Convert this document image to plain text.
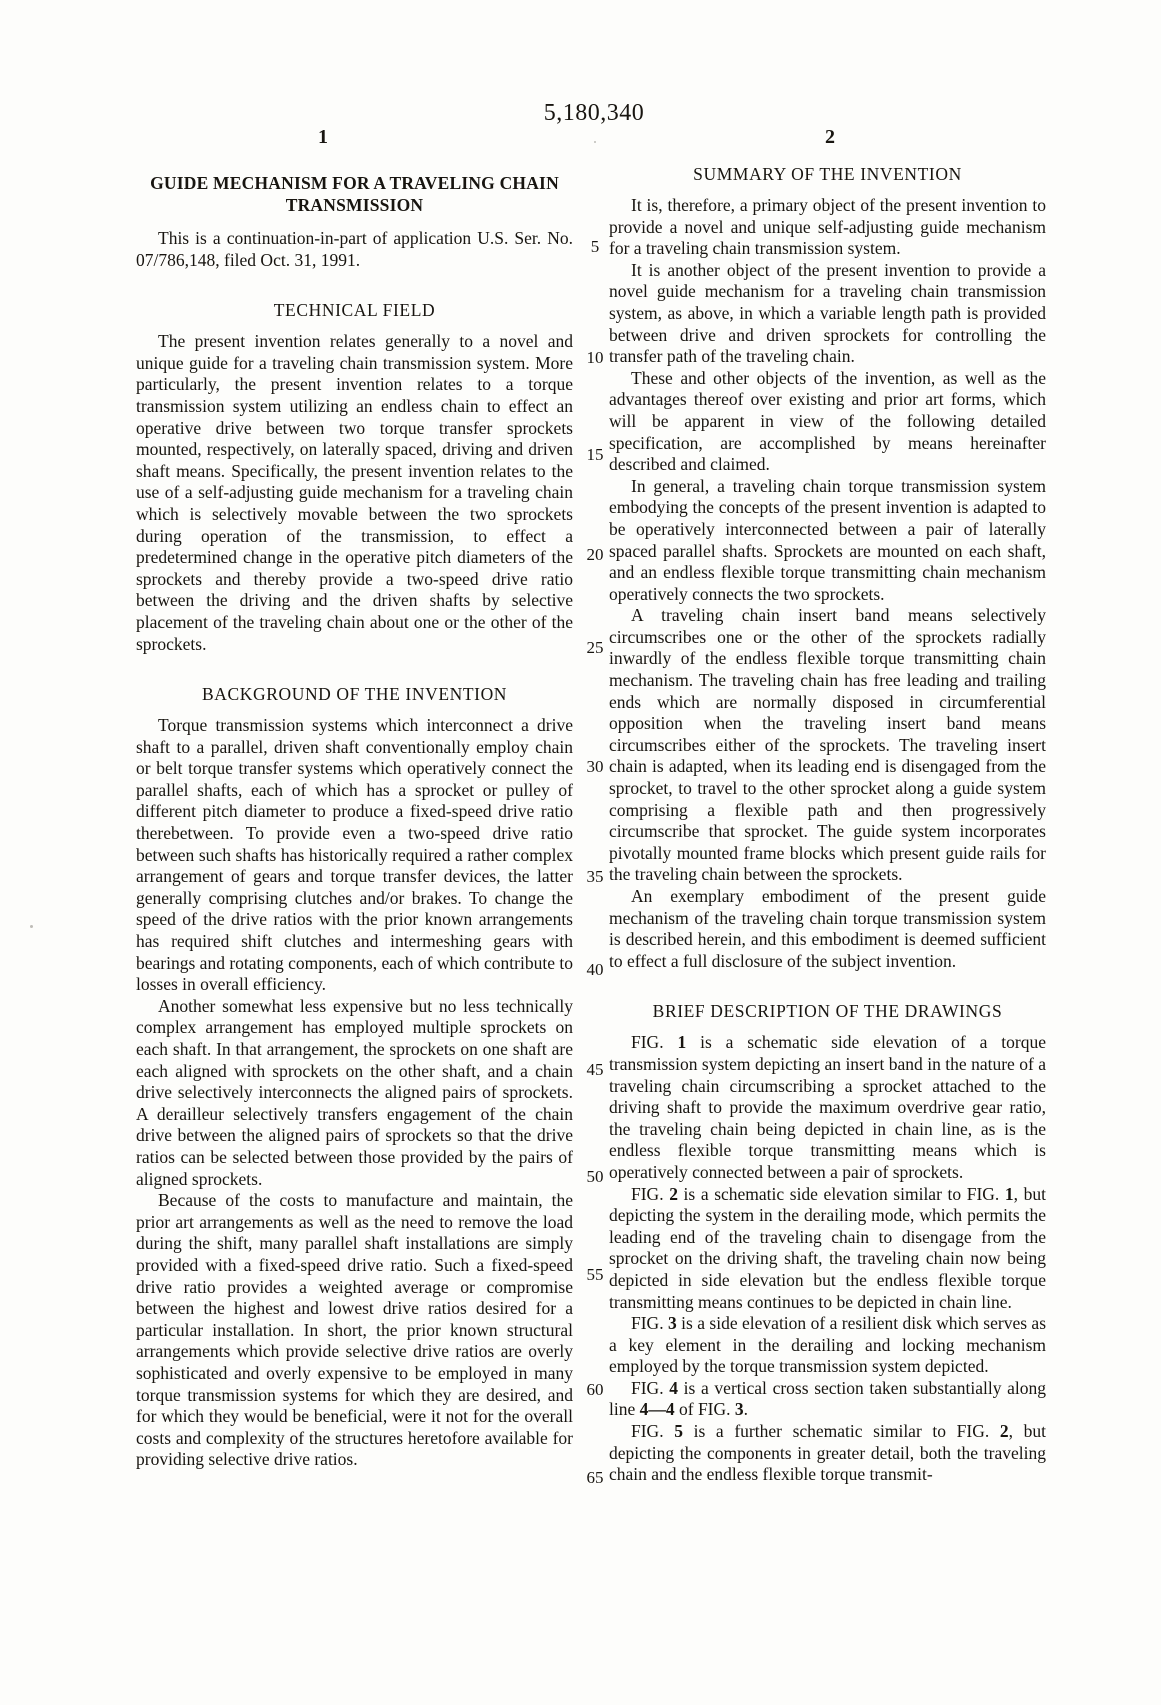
5,180,340
1	2
GUIDE MECHANISM FOR A TRAVELING CHAIN TRANSMISSION

This is a continuation-in-part of application U.S. Ser. No. 07/786,148, filed Oct. 31, 1991.

TECHNICAL FIELD

The present invention relates generally to a novel and unique guide for a traveling chain transmission system. More particularly, the present invention relates to a torque transmission system utilizing an endless chain to effect an operative drive between two torque transfer sprockets mounted, respectively, on laterally spaced, driving and driven shaft means. Specifically, the present invention relates to the use of a self-adjusting guide mechanism for a traveling chain which is selectively movable between the two sprockets during operation of the transmission, to effect a predetermined change in the operative pitch diameters of the sprockets and thereby provide a two-speed drive ratio between the driving and the driven shafts by selective placement of the traveling chain about one or the other of the sprockets.

BACKGROUND OF THE INVENTION

Torque transmission systems which interconnect a drive shaft to a parallel, driven shaft conventionally employ chain or belt torque transfer systems which operatively connect the parallel shafts, each of which has a sprocket or pulley of different pitch diameter to produce a fixed-speed drive ratio therebetween. To provide even a two-speed drive ratio between such shafts has historically required a rather complex arrangement of gears and torque transfer devices, the latter generally comprising clutches and/or brakes. To change the speed of the drive ratios with the prior known arrangements has required shift clutches and intermeshing gears with bearings and rotating components, each of which contribute to losses in overall efficiency.

Another somewhat less expensive but no less technically complex arrangement has employed multiple sprockets on each shaft. In that arrangement, the sprockets on one shaft are each aligned with sprockets on the other shaft, and a chain drive selectively interconnects the aligned pairs of sprockets. A derailleur selectively transfers engagement of the chain drive between the aligned pairs of sprockets so that the drive ratios can be selected between those provided by the pairs of aligned sprockets.

Because of the costs to manufacture and maintain, the prior art arrangements as well as the need to remove the load during the shift, many parallel shaft installations are simply provided with a fixed-speed drive ratio. Such a fixed-speed drive ratio provides a weighted average or compromise between the highest and lowest drive ratios desired for a particular installation. In short, the prior known structural arrangements which provide selective drive ratios are overly sophisticated and overly expensive to be employed in many torque transmission systems for which they are desired, and for which they would be beneficial, were it not for the overall costs and complexity of the structures heretofore available for providing selective drive ratios.

SUMMARY OF THE INVENTION

It is, therefore, a primary object of the present invention to provide a novel and unique self-adjusting guide mechanism for a traveling chain transmission system.

It is another object of the present invention to provide a novel guide mechanism for a traveling chain transmission system, as above, in which a variable length path is provided between drive and driven sprockets for controlling the transfer path of the traveling chain.

These and other objects of the invention, as well as the advantages thereof over existing and prior art forms, which will be apparent in view of the following detailed specification, are accomplished by means hereinafter described and claimed.

In general, a traveling chain torque transmission system embodying the concepts of the present invention is adapted to be operatively interconnected between a pair of laterally spaced parallel shafts. Sprockets are mounted on each shaft, and an endless flexible torque transmitting chain mechanism operatively connects the two sprockets.

A traveling chain insert band means selectively circumscribes one or the other of the sprockets radially inwardly of the endless flexible torque transmitting chain mechanism. The traveling chain has free leading and trailing ends which are normally disposed in circumferential opposition when the traveling insert band means circumscribes either of the sprockets. The traveling insert chain is adapted, when its leading end is disengaged from the sprocket, to travel to the other sprocket along a guide system comprising a flexible path and then progressively circumscribe that sprocket. The guide system incorporates pivotally mounted frame blocks which present guide rails for the traveling chain between the sprockets.

An exemplary embodiment of the present guide mechanism of the traveling chain torque transmission system is described herein, and this embodiment is deemed sufficient to effect a full disclosure of the subject invention.

BRIEF DESCRIPTION OF THE DRAWINGS

FIG. 1 is a schematic side elevation of a torque transmission system depicting an insert band in the nature of a traveling chain circumscribing a sprocket attached to the driving shaft to provide the maximum overdrive gear ratio, the traveling chain being depicted in chain line, as is the endless flexible torque transmitting means which is operatively connected between a pair of sprockets.

FIG. 2 is a schematic side elevation similar to FIG. 1, but depicting the system in the derailing mode, which permits the leading end of the traveling chain to disengage from the sprocket on the driving shaft, the traveling chain now being depicted in side elevation but the endless flexible torque transmitting means continues to be depicted in chain line.

FIG. 3 is a side elevation of a resilient disk which serves as a key element in the derailing and locking mechanism employed by the torque transmission system depicted.

FIG. 4 is a vertical cross section taken substantially along line 4—4 of FIG. 3.

FIG. 5 is a further schematic similar to FIG. 2, but depicting the components in greater detail, both the traveling chain and the endless flexible torque transmit-

5
10
15
20
25
30
35
40
45
50
55
60
65
